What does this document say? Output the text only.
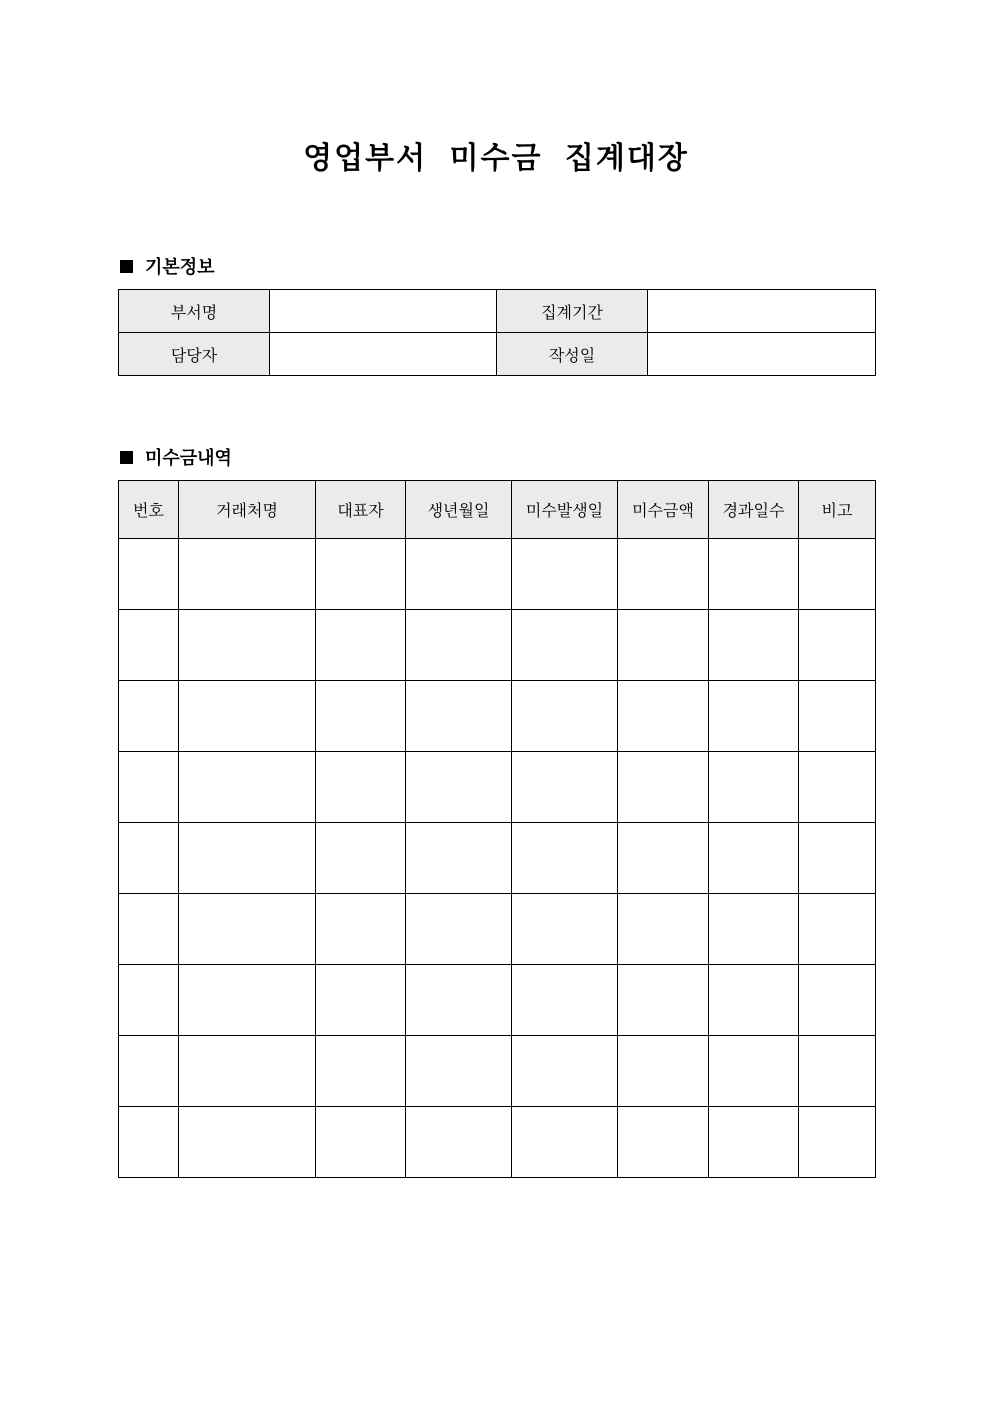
영업부서 미수금 집계대장
기본정보
부서명		집계기간	
담당자		작성일	
미수금내역
번호	거래처명	대표자	생년월일	미수발생일	미수금액	경과일수	비고
